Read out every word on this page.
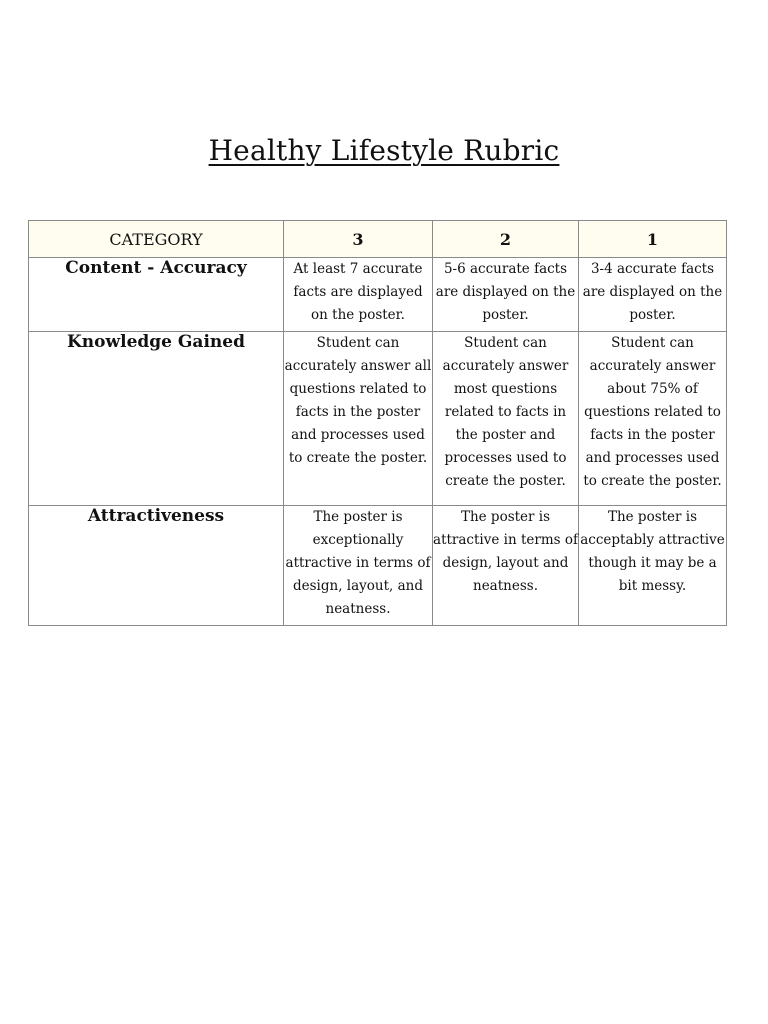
Healthy Lifestyle Rubric
CATEGORY	3	2	1
Content - Accuracy	At least 7 accurate facts are displayed on the poster.	5-6 accurate facts are displayed on the poster.	3-4 accurate facts are displayed on the poster.
Knowledge Gained	Student can accurately answer all questions related to facts in the poster and processes used to create the poster.	Student can accurately answer most questions related to facts in the poster and processes used to create the poster.	Student can accurately answer about 75% of questions related to facts in the poster and processes used to create the poster.
Attractiveness	The poster is exceptionally attractive in terms of design, layout, and neatness.	The poster is attractive in terms of design, layout and neatness.	The poster is acceptably attractive though it may be a bit messy.
